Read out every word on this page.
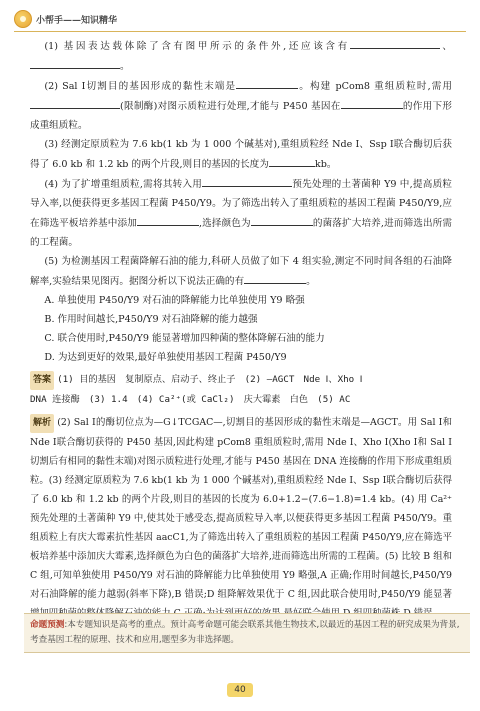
小帮手——知识精华

(1) 基因表达载体除了含有图甲所示的条件外,还应该含有	、。

(2) Sal Ⅰ切割目的基因形成的黏性末端是	。构建 pCom8 重组质粒时,需用(限制酶)对图示质粒进行处理,才能与 P450 基因在	的作用下形成重组质粒。

(3) 经测定原质粒为 7.6 kb(1 kb 为 1 000 个碱基对),重组质粒经 Nde Ⅰ、Ssp Ⅰ联合酶切后获得了 6.0 kb 和 1.2 kb 的两个片段,则目的基因的长度为	kb。

(4) 为了扩增重组质粒,需将其转入用	预先处理的土著菌种 Y9 中,提高质粒导入率,以便获得更多基因工程菌 P450/Y9。为了筛选出转入了重组质粒的基因工程菌 P450/Y9,应在筛选平板培养基中添加	,选择颜色为	的菌落扩大培养,进而筛选出所需的工程菌。

(5) 为检测基因工程菌降解石油的能力,科研人员做了如下 4 组实验,测定不同时间各组的石油降解率,实验结果见图丙。据图分析以下说法正确的有	。

A. 单独使用 P450/Y9 对石油的降解能力比单独使用 Y9 略强

B. 作用时间越长,P450/Y9 对石油降解的能力越强

C. 联合使用时,P450/Y9 能显著增加四种菌的整体降解石油的能力

D. 为达到更好的效果,最好单独使用基因工程菌 P450/Y9

答案 (1) 目的基因　复制原点、启动子、终止子　(2) —AGCT　Nde Ⅰ、Xho Ⅰ
DNA 连接酶　(3) 1.4　(4) Ca²⁺(或 CaCl₂)　庆大霉素　白色　(5) AC

解析 (2) Sal Ⅰ的酶切位点为—G↓TCGAC—,切割目的基因形成的黏性末端是—AGCT。用 Sal Ⅰ和 Nde Ⅰ联合酶切获得的 P450 基因,因此构建 pCom8 重组质粒时,需用 Nde Ⅰ、Xho Ⅰ(Xho Ⅰ和 Sal Ⅰ切割后有相同的黏性末端)对图示质粒进行处理,才能与 P450 基因在 DNA 连接酶的作用下形成重组质粒。(3) 经测定原质粒为 7.6 kb(1 kb 为 1 000 个碱基对),重组质粒经 Nde Ⅰ、Ssp Ⅰ联合酶切后获得了 6.0 kb 和 1.2 kb 的两个片段,则目的基因的长度为 6.0+1.2−(7.6−1.8)=1.4 kb。(4) 用 Ca²⁺预先处理的土著菌种 Y9 中,使其处于感受态,提高质粒导入率,以便获得更多基因工程菌 P450/Y9。重组质粒上有庆大霉素抗性基因 aacC1,为了筛选出转入了重组质粒的基因工程菌 P450/Y9,应在筛选平板培养基中添加庆大霉素,选择颜色为白色的菌落扩大培养,进而筛选出所需的工程菌。(5) 比较 B 组和 C 组,可知单独使用 P450/Y9 对石油的降解能力比单独使用 Y9 略强,A 正确;作用时间越长,P450/Y9 对石油降解的能力越弱(斜率下降),B 错误;D 组降解效果优于 C 组,因此联合使用时,P450/Y9 能显著

命题预测:本专题知识是高考的重点。预计高考命题可能会联系其他生物技术,以最近的基因工程的研究成果为背景,考查基因工程的原理、技术和应用,题型多为非选择题。
40
